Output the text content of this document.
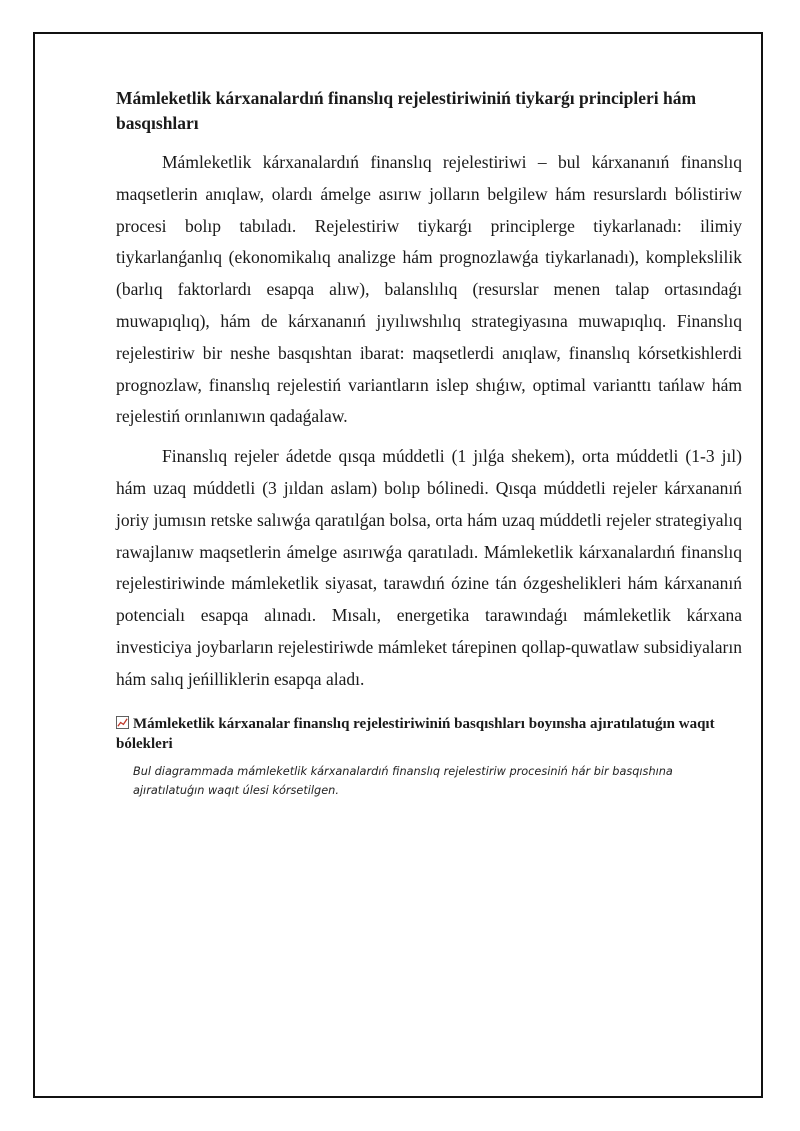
Mámleketlik kárxanalardıń finanslıq rejelestiriwiniń tiykarǵı principleri hám basqıshları

Mámleketlik kárxanalardıń finanslıq rejelestiriwi – bul kárxananıń finanslıq maqsetlerin anıqlaw, olardı ámelge asırıw jolların belgilew hám resurslardı bólistiriw procesi bolıp tabıladı. Rejelestiriw tiykarǵı principlerge tiykarlanadı: ilimiy tiykarlanǵanlıq (ekonomikalıq analizge hám prognozlawǵa tiykarlanadı), komplekslilik (barlıq faktorlardı esapqa alıw), balanslılıq (resurslar menen talap ortasındaǵı muwapıqlıq), hám de kárxananıń jıyılıwshılıq strategiyasına muwapıqlıq. Finanslıq rejelestiriw bir neshe basqıshtan ibarat: maqsetlerdi anıqlaw, finanslıq kórsetkishlerdi prognozlaw, finanslıq rejelestiń variantların islep shıǵıw, optimal varianttı tańlaw hám rejelestiń orınlanıwın qadaǵalaw.

Finanslıq rejeler ádetde qısqa múddetli (1 jılǵa shekem), orta múddetli (1-3 jıl) hám uzaq múddetli (3 jıldan aslam) bolıp bólinedi. Qısqa múddetli rejeler kárxananıń joriy jumısın retske salıwǵa qaratılǵan bolsa, orta hám uzaq múddetli rejeler strategiyalıq rawajlanıw maqsetlerin ámelge asırıwǵa qaratıladı. Mámleketlik kárxanalardıń finanslıq rejelestiriwinde mámleketlik siyasat, tarawdıń ózine tán ózgeshelikleri hám kárxananıń potencialı esapqa alınadı. Mısalı, energetika tarawındaǵı mámleketlik kárxana investiciya joybarların rejelestiriwde mámleket tárepinen qollap-quwatlaw subsidiyaların hám salıq jeńilliklerin esapqa aladı.

Mámleketlik kárxanalar finanslıq rejelestiriwiniń basqıshları boyınsha ajıratılatuǵın waqıt bólekleri
Bul diagrammada mámleketlik kárxanalardıń finanslıq rejelestiriw procesiniń hár bir basqıshına ajıratılatuǵın waqıt úlesi kórsetilgen.
